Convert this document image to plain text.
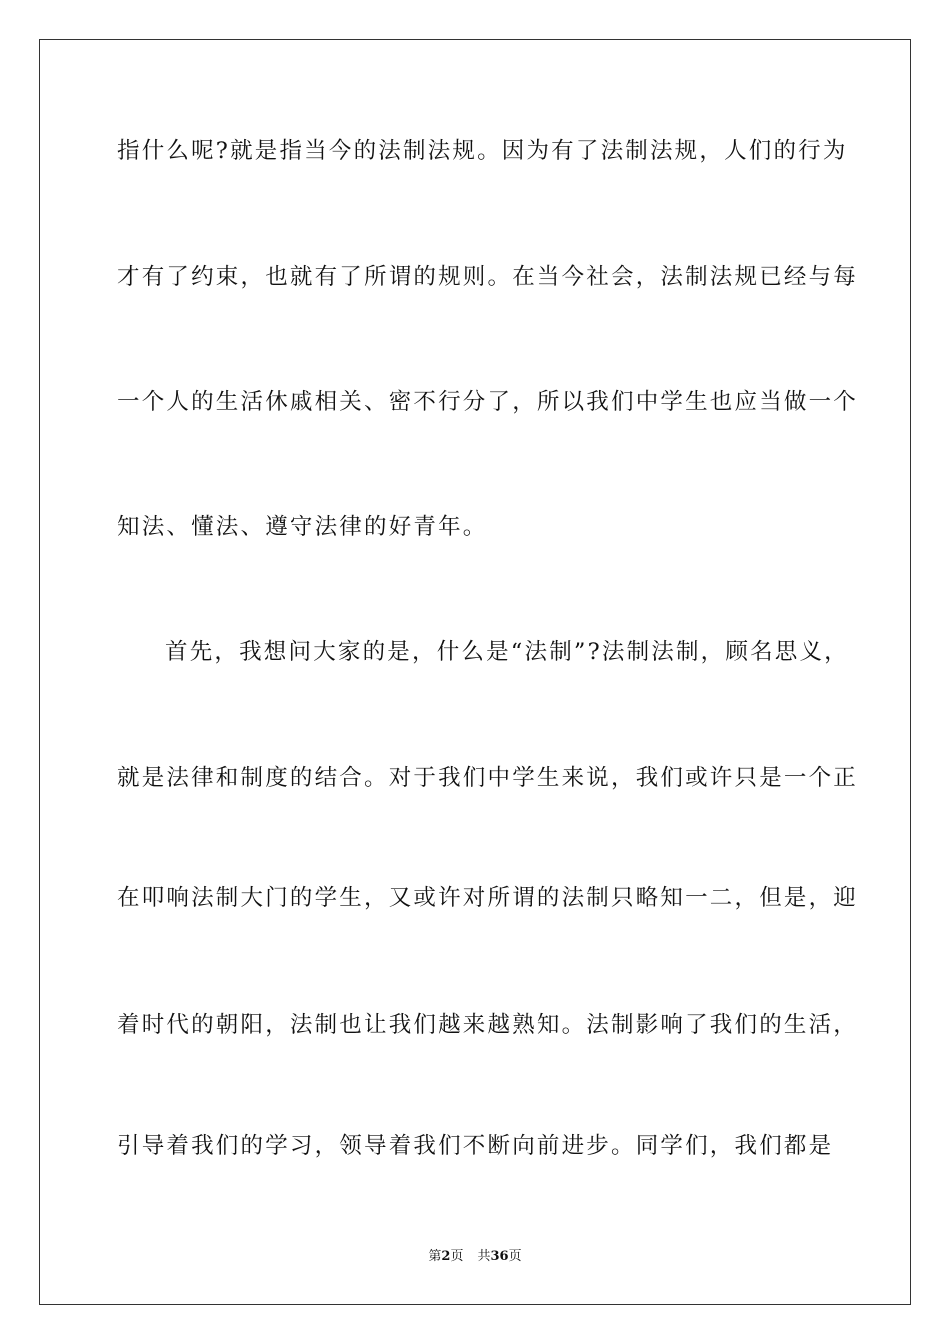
指什么呢?就是指当今的法制法规。因为有了法制法规，人们的行为
才有了约束，也就有了所谓的规则。在当今社会，法制法规已经与每
一个人的生活休戚相关、密不行分了，所以我们中学生也应当做一个
知法、懂法、遵守法律的好青年。
首先，我想问大家的是，什么是“法制”?法制法制，顾名思义，
就是法律和制度的结合。对于我们中学生来说，我们或许只是一个正
在叩响法制大门的学生，又或许对所谓的法制只略知一二，但是，迎
着时代的朝阳，法制也让我们越来越熟知。法制影响了我们的生活，
引导着我们的学习，领导着我们不断向前进步。同学们，我们都是
第2页 共36页
